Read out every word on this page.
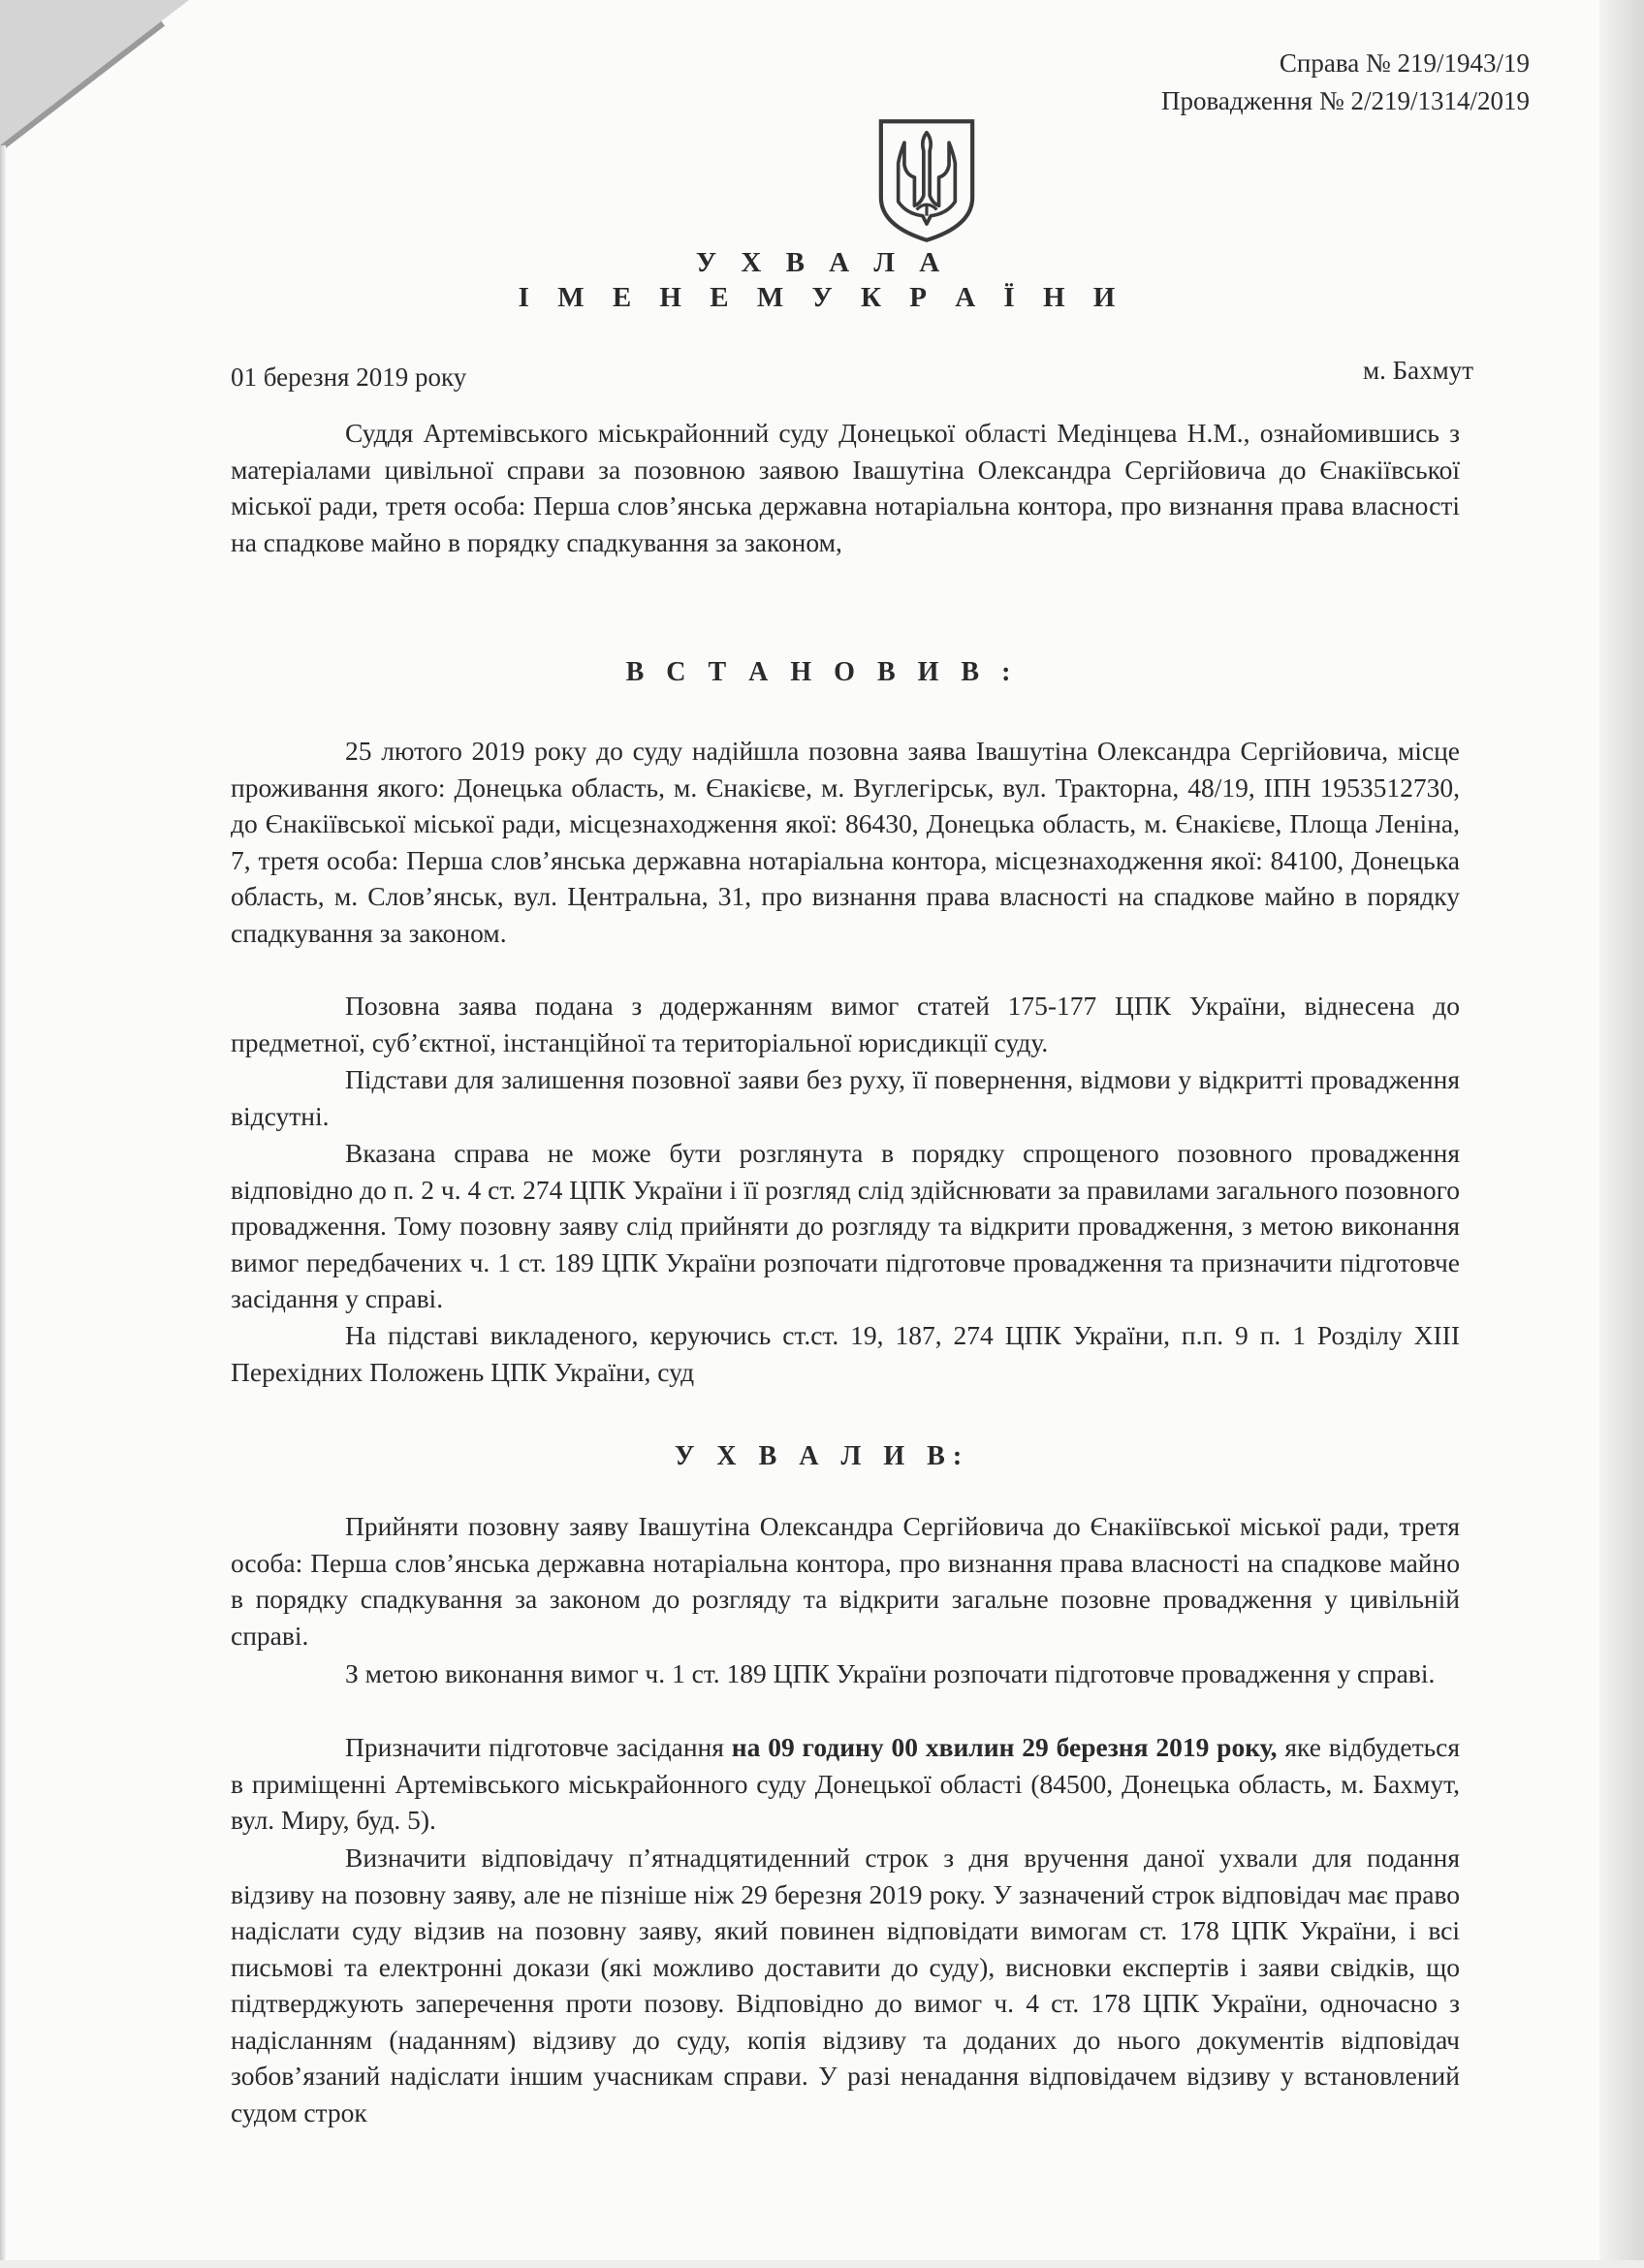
Справа № 219/1943/19
Провадження № 2/219/1314/2019
У Х В А Л А
І М Е Н Е М У К Р А Ї Н И
01 березня 2019 року	м. Бахмут

Суддя Артемівського міськрайонний суду Донецької області Медінцева Н.М., ознайомившись з матеріалами цивільної справи за позовною заявою Івашутіна Олександра Сергійовича до Єнакіївської міської ради, третя особа: Перша слов’янська державна нотаріальна контора, про визнання права власності на спадкове майно в порядку спадкування за законом,

В С Т А Н О В И В :

25 лютого 2019 року до суду надійшла позовна заява Івашутіна Олександра Сергійовича, місце проживання якого: Донецька область, м. Єнакієве, м. Вуглегірськ, вул. Тракторна, 48/19, ІПН 1953512730, до Єнакіївської міської ради, місцезнаходження якої: 86430, Донецька область, м. Єнакієве, Площа Леніна, 7, третя особа: Перша слов’янська державна нотаріальна контора, місцезнаходження якої: 84100, Донецька область, м. Слов’янськ, вул. Центральна, 31, про визнання права власності на спадкове майно в порядку спадкування за законом.

Позовна заява подана з додержанням вимог статей 175-177 ЦПК України, віднесена до предметної, суб’єктної, інстанційної та територіальної юрисдикції суду.

Підстави для залишення позовної заяви без руху, її повернення, відмови у відкритті провадження відсутні.

Вказана справа не може бути розглянута в порядку спрощеного позовного провадження відповідно до п. 2 ч. 4 ст. 274 ЦПК України і її розгляд слід здійснювати за правилами загального позовного провадження. Тому позовну заяву слід прийняти до розгляду та відкрити провадження, з метою виконання вимог передбачених ч. 1 ст. 189 ЦПК України розпочати підготовче провадження та призначити підготовче засідання у справі.

На підставі викладеного, керуючись ст.ст. 19, 187, 274 ЦПК України, п.п. 9 п. 1 Розділу XIII Перехідних Положень ЦПК України, суд

У Х В А Л И В:

Прийняти позовну заяву Івашутіна Олександра Сергійовича до Єнакіївської міської ради, третя особа: Перша слов’янська державна нотаріальна контора, про визнання права власності на спадкове майно в порядку спадкування за законом до розгляду та відкрити загальне позовне провадження у цивільній справі.

З метою виконання вимог ч. 1 ст. 189 ЦПК України розпочати підготовче провадження у справі.

Призначити підготовче засідання на 09 годину 00 хвилин 29 березня 2019 року, яке відбудеться в приміщенні Артемівського міськрайонного суду Донецької області (84500, Донецька область, м. Бахмут, вул. Миру, буд. 5).

Визначити відповідачу п’ятнадцятиденний строк з дня вручення даної ухвали для подання відзиву на позовну заяву, але не пізніше ніж 29 березня 2019 року. У зазначений строк відповідач має право надіслати суду відзив на позовну заяву, який повинен відповідати вимогам ст. 178 ЦПК України, і всі письмові та електронні докази (які можливо доставити до суду), висновки експертів і заяви свідків, що підтверджують заперечення проти позову. Відповідно до вимог ч. 4 ст. 178 ЦПК України, одночасно з надісланням (наданням) відзиву до суду, копія відзиву та доданих до нього документів відповідач зобов’язаний надіслати іншим учасникам справи. У разі ненадання відповідачем відзиву у встановлений судом строк
